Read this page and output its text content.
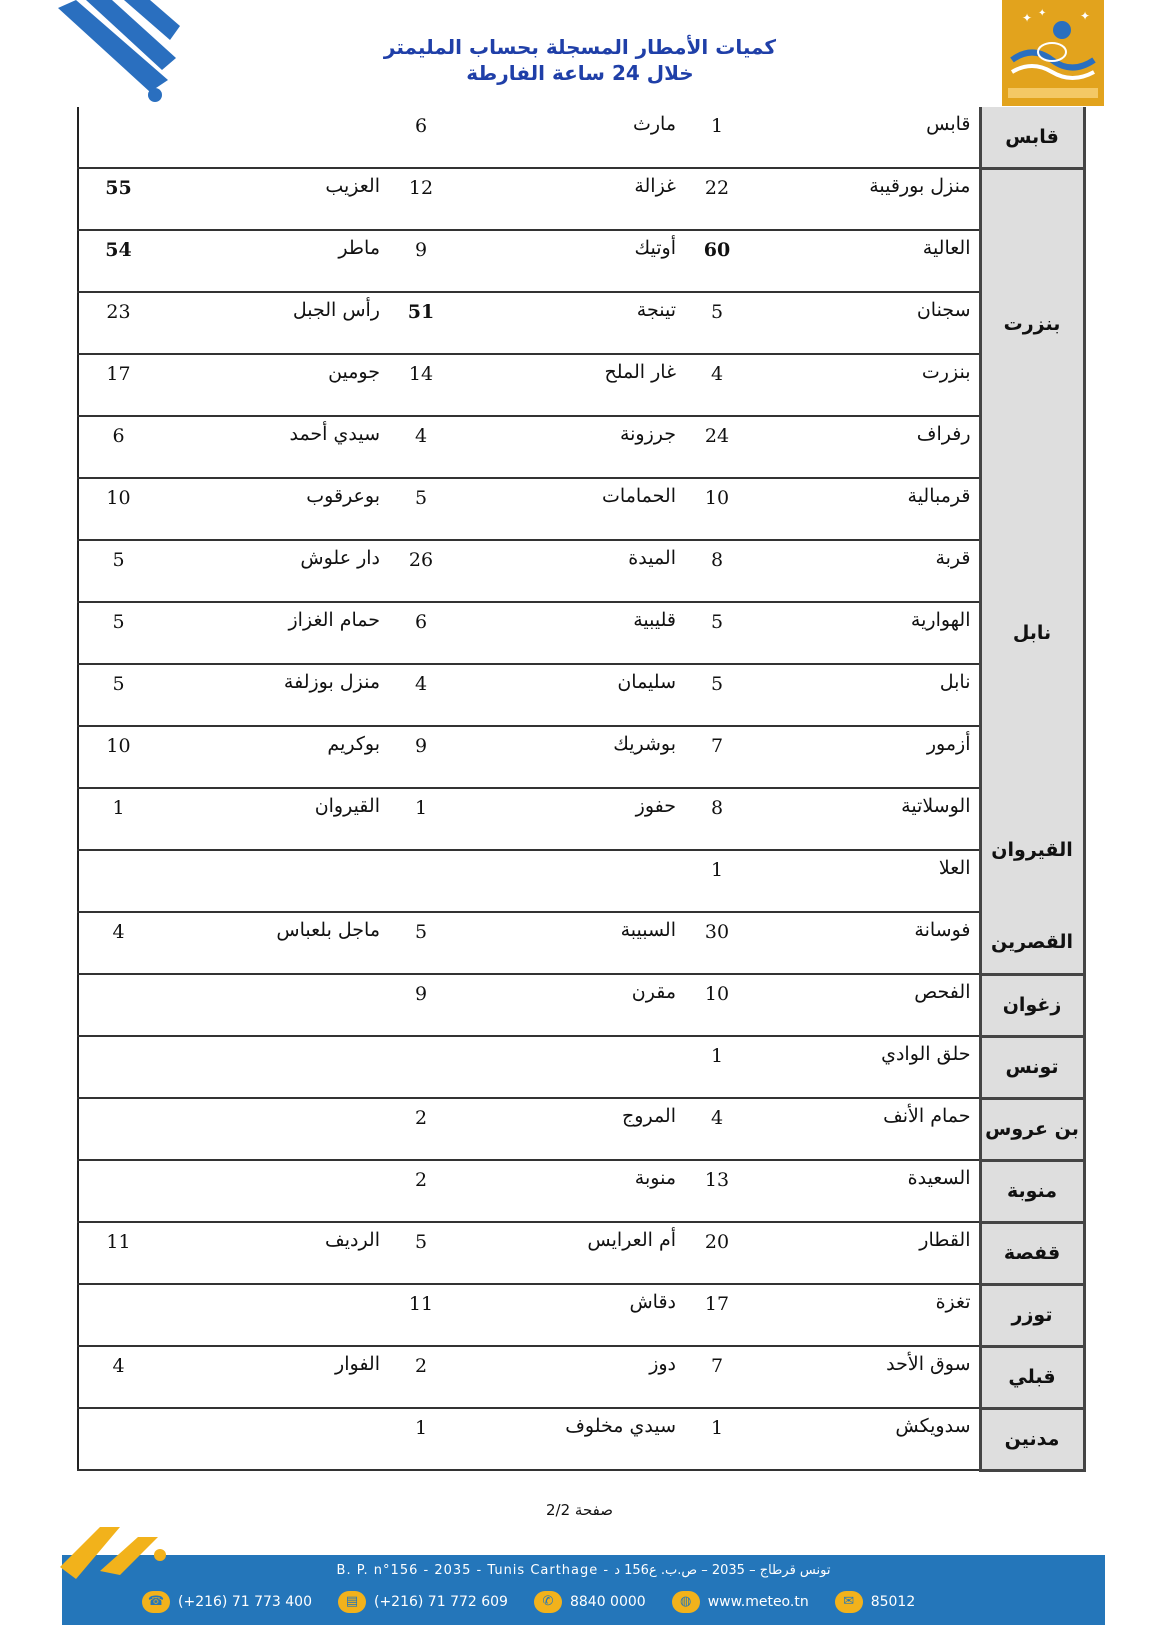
كميات الأمطار المسجلة بحساب المليمتر
خلال 24 ساعة الفارطة
✦ ✦	✦
قابس	قابس	1	مارث	6		
بنزرت	منزل بورقيبة	22	غزالة	12	العزيب	55
	العالية	60	أوتيك	9	ماطر	54
	سجنان	5	تينجة	51	رأس الجبل	23
	بنزرت	4	غار الملح	14	جومين	17
	رفراف	24	جرزونة	4	سيدي أحمد	6
نابل	قرمبالية	10	الحمامات	5	بوعرقوب	10
	قربة	8	الميدة	26	دار علوش	5
	الهوارية	5	قليبية	6	حمام الغزاز	5
	نابل	5	سليمان	4	منزل بوزلفة	5
	أزمور	7	بوشريك	9	بوكريم	10
القيروان	الوسلاتية	8	حفوز	1	القيروان	1
	العلا	1				
القصرين	فوسانة	30	السبيبة	5	ماجل بلعباس	4
زغوان	الفحص	10	مقرن	9		
تونس	حلق الوادي	1				
بن عروس	حمام الأنف	4	المروج	2		
منوبة	السعيدة	13	منوبة	2		
قفصة	القطار	20	أم العرايس	5	الرديف	11
توزر	تغزة	17	دقاش	11		
قبلي	سوق الأحد	7	دوز	2	الفوار	4
مدنين	سدويكش	1	سيدي مخلوف	1		
صفحة 2/2
B. P. n°156 - 2035 - Tunis Carthage - تونس قرطاج – 2035 – ص.ب. ع156 د
☎ (+216) 71 773 400	▤	(+216) 71 772 609	✆	8840 0000	◍	www.meteo.tn	✉	85012
